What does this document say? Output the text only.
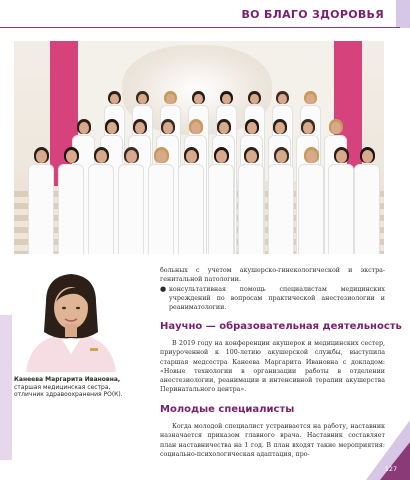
ВО БЛАГО ЗДОРОВЬЯ
Канеева Маргарита Ивановна,
старшая медицинская сестра, отличник здравоохранения РО(К).

больных с учетом акушерско-гинекологической и экстра-генитальной патологии.

● консультативная помощь специалистам медицинских учреждений по вопросам практической анестезиологии и реаниматологии.

Научно — образовательная деятельность

В 2019 году на конференции акушерок и медицинских сестер, приуроченной к 100-летию акушерской службы, выступила старшая медсестра Канеева Маргарита Ивановна с докладом: «Новые технологии в организации работы в отделении анестезиологии, реанимации и интенсивной терапии акушерства Перинатального центра».

Молодые специалисты

Когда молодой специалист устраивается на работу, наставник назначается приказом главного врача. Наставник составляет план наставничества на 1 год. В план входят такие мероприятия: социально-психологическая адаптация, про-

127
